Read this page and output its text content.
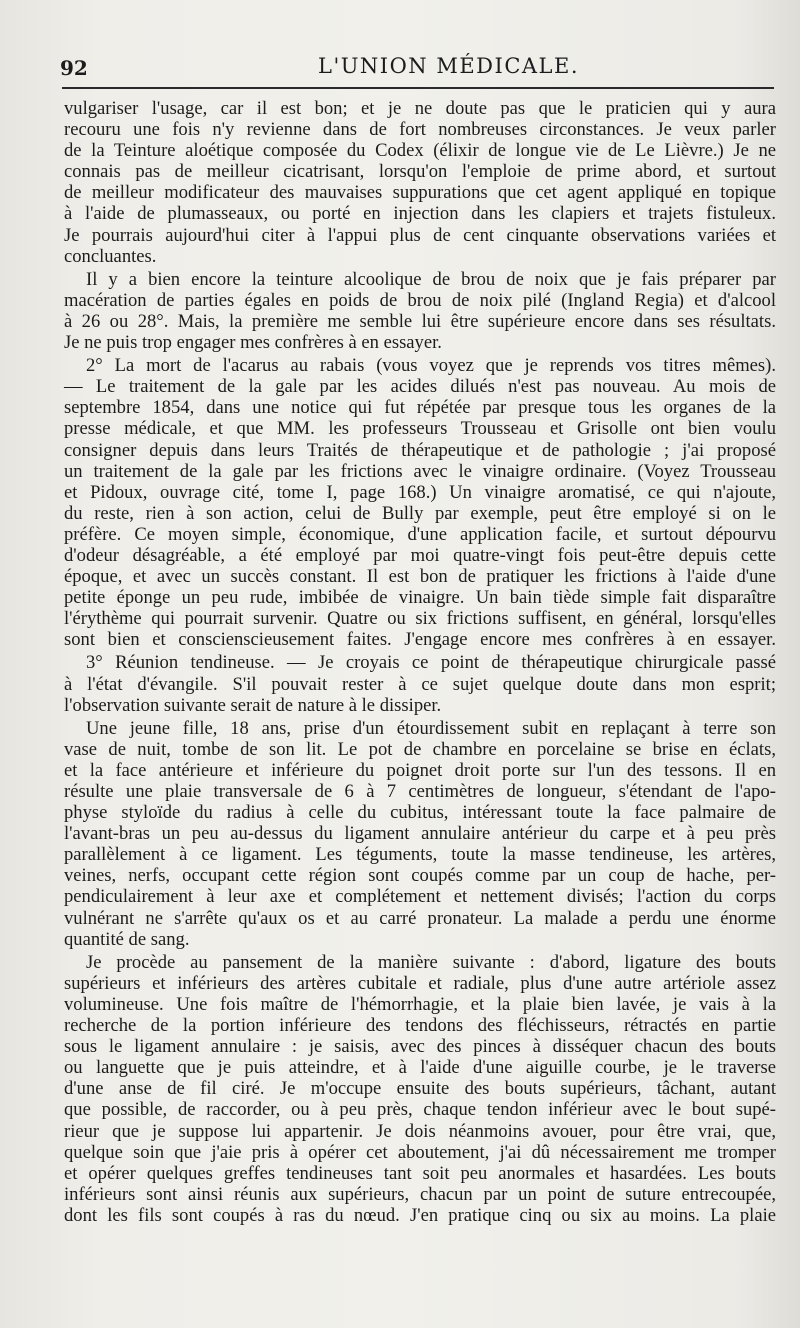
92	L'UNION MÉDICALE.
vulgariser l'usage, car il est bon; et je ne doute pas que le praticien qui y aura
recouru une fois n'y revienne dans de fort nombreuses circonstances. Je veux parler
de la Teinture aloétique composée du Codex (élixir de longue vie de Le Lièvre.) Je ne
connais pas de meilleur cicatrisant, lorsqu'on l'emploie de prime abord, et surtout
de meilleur modificateur des mauvaises suppurations que cet agent appliqué en topique
à l'aide de plumasseaux, ou porté en injection dans les clapiers et trajets fistuleux.
Je pourrais aujourd'hui citer à l'appui plus de cent cinquante observations variées et
concluantes.
Il y a bien encore la teinture alcoolique de brou de noix que je fais préparer par
macération de parties égales en poids de brou de noix pilé (Ingland Regia) et d'alcool
à 26 ou 28°. Mais, la première me semble lui être supérieure encore dans ses résultats.
Je ne puis trop engager mes confrères à en essayer.
2° La mort de l'acarus au rabais (vous voyez que je reprends vos titres mêmes).
— Le traitement de la gale par les acides dilués n'est pas nouveau. Au mois de
septembre 1854, dans une notice qui fut répétée par presque tous les organes de la
presse médicale, et que MM. les professeurs Trousseau et Grisolle ont bien voulu
consigner depuis dans leurs Traités de thérapeutique et de pathologie ; j'ai proposé
un traitement de la gale par les frictions avec le vinaigre ordinaire. (Voyez Trousseau
et Pidoux, ouvrage cité, tome I, page 168.) Un vinaigre aromatisé, ce qui n'ajoute,
du reste, rien à son action, celui de Bully par exemple, peut être employé si on le
préfère. Ce moyen simple, économique, d'une application facile, et surtout dépourvu
d'odeur désagréable, a été employé par moi quatre-vingt fois peut-être depuis cette
époque, et avec un succès constant. Il est bon de pratiquer les frictions à l'aide d'une
petite éponge un peu rude, imbibée de vinaigre. Un bain tiède simple fait disparaître
l'érythème qui pourrait survenir. Quatre ou six frictions suffisent, en général, lorsqu'elles
sont bien et conscienscieusement faites. J'engage encore mes confrères à en essayer.
3° Réunion tendineuse. — Je croyais ce point de thérapeutique chirurgicale passé
à l'état d'évangile. S'il pouvait rester à ce sujet quelque doute dans mon esprit;
l'observation suivante serait de nature à le dissiper.
Une jeune fille, 18 ans, prise d'un étourdissement subit en replaçant à terre son
vase de nuit, tombe de son lit. Le pot de chambre en porcelaine se brise en éclats,
et la face antérieure et inférieure du poignet droit porte sur l'un des tessons. Il en
résulte une plaie transversale de 6 à 7 centimètres de longueur, s'étendant de l'apo-
physe styloïde du radius à celle du cubitus, intéressant toute la face palmaire de
l'avant-bras un peu au-dessus du ligament annulaire antérieur du carpe et à peu près
parallèlement à ce ligament. Les téguments, toute la masse tendineuse, les artères,
veines, nerfs, occupant cette région sont coupés comme par un coup de hache, per-
pendiculairement à leur axe et complétement et nettement divisés; l'action du corps
vulnérant ne s'arrête qu'aux os et au carré pronateur. La malade a perdu une énorme
quantité de sang.
Je procède au pansement de la manière suivante : d'abord, ligature des bouts
supérieurs et inférieurs des artères cubitale et radiale, plus d'une autre artériole assez
volumineuse. Une fois maître de l'hémorrhagie, et la plaie bien lavée, je vais à la
recherche de la portion inférieure des tendons des fléchisseurs, rétractés en partie
sous le ligament annulaire : je saisis, avec des pinces à disséquer chacun des bouts
ou languette que je puis atteindre, et à l'aide d'une aiguille courbe, je le traverse
d'une anse de fil ciré. Je m'occupe ensuite des bouts supérieurs, tâchant, autant
que possible, de raccorder, ou à peu près, chaque tendon inférieur avec le bout supé-
rieur que je suppose lui appartenir. Je dois néanmoins avouer, pour être vrai, que,
quelque soin que j'aie pris à opérer cet aboutement, j'ai dû nécessairement me tromper
et opérer quelques greffes tendineuses tant soit peu anormales et hasardées. Les bouts
inférieurs sont ainsi réunis aux supérieurs, chacun par un point de suture entrecoupée,
dont les fils sont coupés à ras du nœud. J'en pratique cinq ou six au moins. La plaie
